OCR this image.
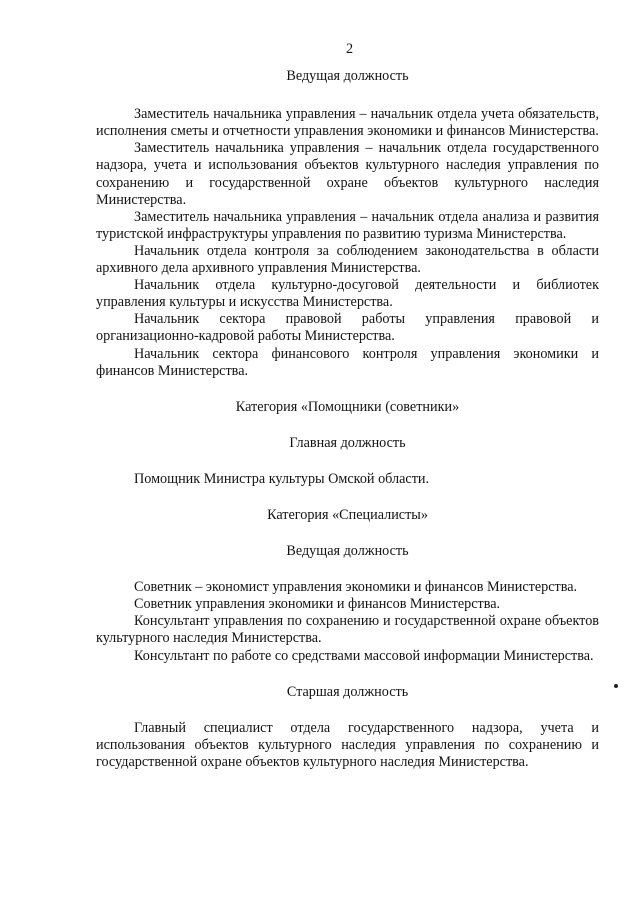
2

Ведущая должность

Заместитель начальника управления – начальник отдела учета обязательств, исполнения сметы и отчетности управления экономики и финансов Министерства.

Заместитель начальника управления – начальник отдела государственного надзора, учета и использования объектов культурного наследия управления по сохранению и государственной охране объектов культурного наследия Министерства.

Заместитель начальника управления – начальник отдела анализа и развития туристской инфраструктуры управления по развитию туризма Министерства.

Начальник отдела контроля за соблюдением законодательства в области архивного дела архивного управления Министерства.

Начальник отдела культурно-досуговой деятельности и библиотек управления культуры и искусства Министерства.

Начальник сектора правовой работы управления правовой и организационно-кадровой работы Министерства.

Начальник сектора финансового контроля управления экономики и финансов Министерства.

Категория «Помощники (советники»

Главная должность

Помощник Министра культуры Омской области.

Категория «Специалисты»

Ведущая должность

Советник – экономист управления экономики и финансов Министерства.

Советник управления экономики и финансов Министерства.

Консультант управления по сохранению и государственной охране объектов культурного наследия Министерства.

Консультант по работе со средствами массовой информации Министерства.

Старшая должность

Главный специалист отдела государственного надзора, учета и использования объектов культурного наследия управления по сохранению и государственной охране объектов культурного наследия Министерства.
